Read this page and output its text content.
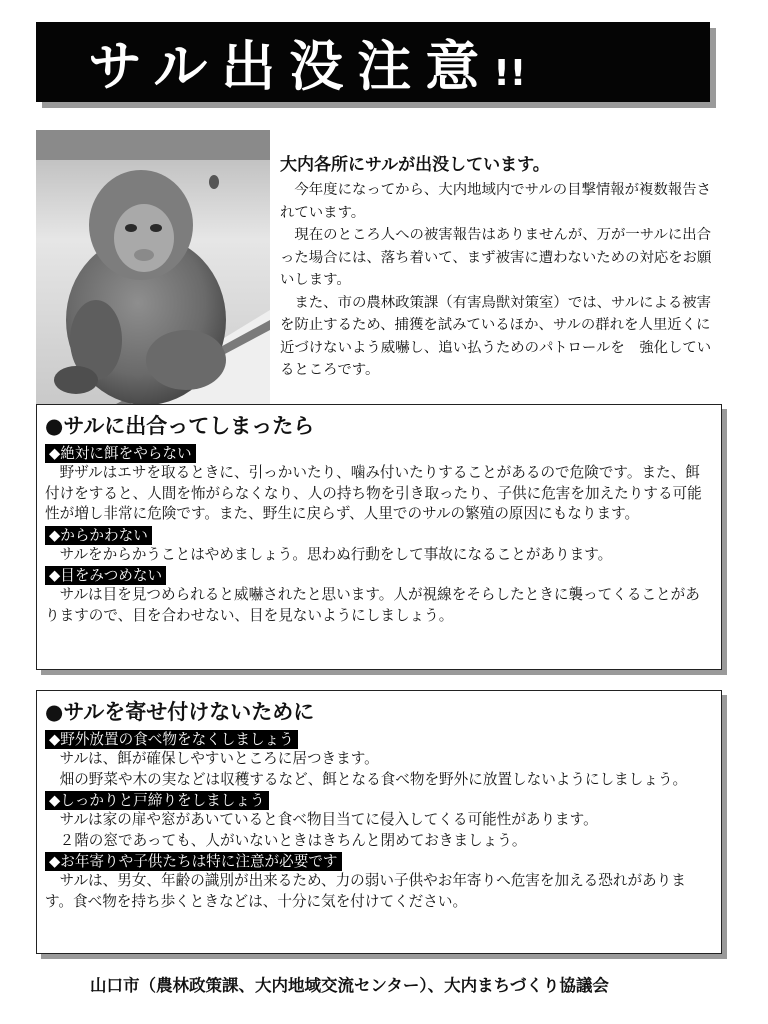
サル出没注意!!
大内各所にサルが出没しています。

今年度になってから、大内地域内でサルの目撃情報が複数報告されています。

現在のところ人への被害報告はありませんが、万が一サルに出合った場合には、落ち着いて、まず被害に遭わないための対応をお願いします。

また、市の農林政策課（有害鳥獣対策室）では、サルによる被害を防止するため、捕獲を試みているほか、サルの群れを人里近くに近づけないよう威嚇し、追い払うためのパトロールを　強化しているところです。

●サルに出合ってしまったら
◆絶対に餌をやらない

野ザルはエサを取るときに、引っかいたり、噛み付いたりすることがあるので危険です。また、餌付けをすると、人間を怖がらなくなり、人の持ち物を引き取ったり、子供に危害を加えたりする可能性が増し非常に危険です。また、野生に戻らず、人里でのサルの繁殖の原因にもなります。

◆からかわない

サルをからかうことはやめましょう。思わぬ行動をして事故になることがあります。

◆目をみつめない

サルは目を見つめられると威嚇されたと思います。人が視線をそらしたときに襲ってくることがありますので、目を合わせない、目を見ないようにしましょう。

●サルを寄せ付けないために
◆野外放置の食べ物をなくしましょう

サルは、餌が確保しやすいところに居つきます。

畑の野菜や木の実などは収穫するなど、餌となる食べ物を野外に放置しないようにしましょう。

◆しっかりと戸締りをしましょう

サルは家の扉や窓があいていると食べ物目当てに侵入してくる可能性があります。

２階の窓であっても、人がいないときはきちんと閉めておきましょう。

◆お年寄りや子供たちは特に注意が必要です

サルは、男女、年齢の識別が出来るため、力の弱い子供やお年寄りへ危害を加える恐れがあります。食べ物を持ち歩くときなどは、十分に気を付けてください。

山口市（農林政策課、大内地域交流センター）、大内まちづくり協議会
